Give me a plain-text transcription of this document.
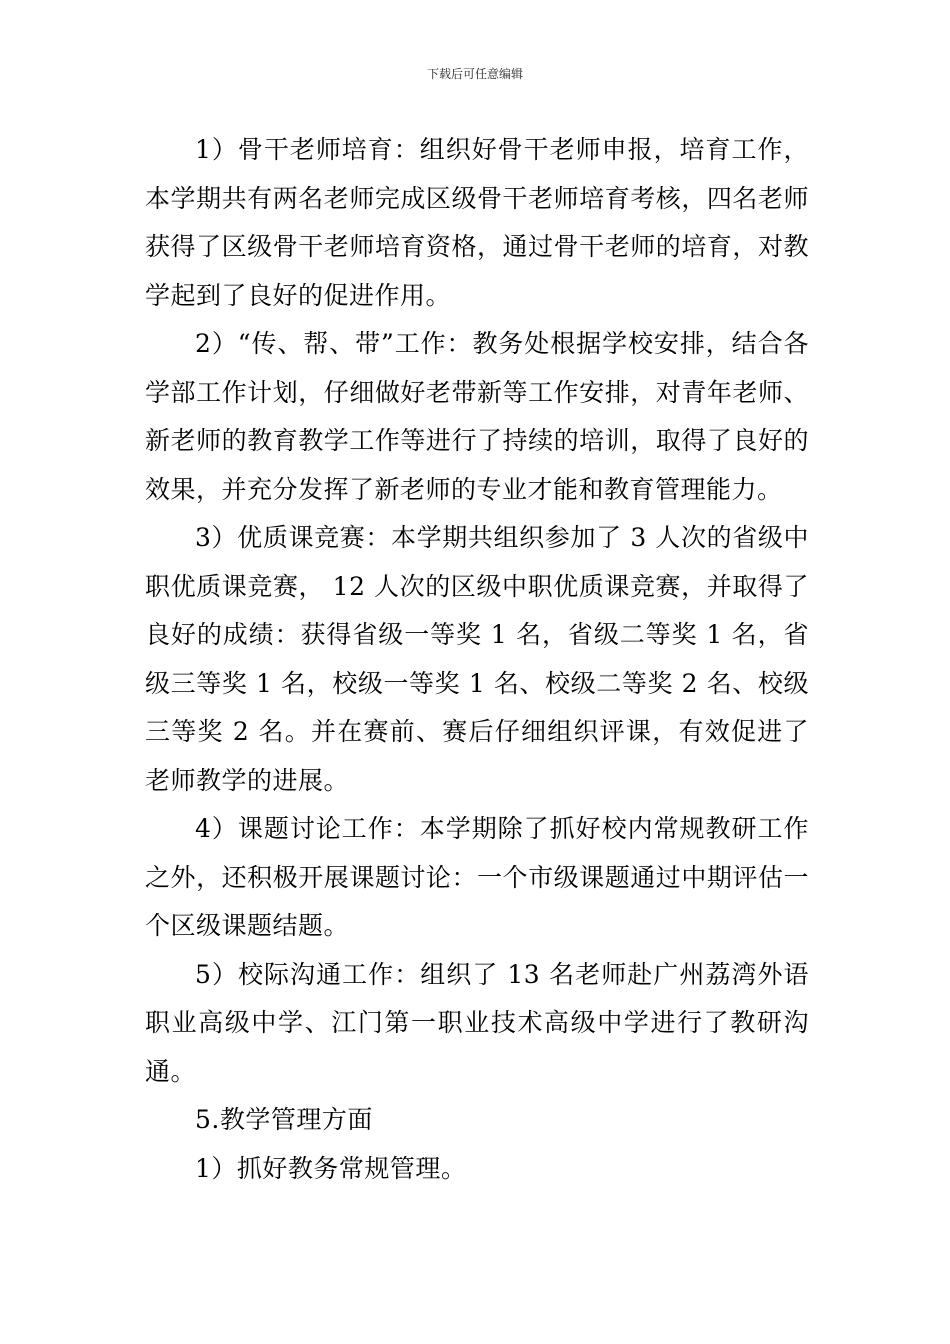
下载后可任意编辑

1）骨干老师培育：组织好骨干老师申报，培育工作，本学期共有两名老师完成区级骨干老师培育考核，四名老师获得了区级骨干老师培育资格，通过骨干老师的培育，对教学起到了良好的促进作用。

2）“传、帮、带”工作：教务处根据学校安排，结合各学部工作计划，仔细做好老带新等工作安排，对青年老师、新老师的教育教学工作等进行了持续的培训，取得了良好的效果，并充分发挥了新老师的专业才能和教育管理能力。

3）优质课竞赛：本学期共组织参加了 3 人次的省级中职优质课竞赛， 12 人次的区级中职优质课竞赛，并取得了良好的成绩：获得省级一等奖 1 名，省级二等奖 1 名，省级三等奖 1 名，校级一等奖 1 名、校级二等奖 2 名、校级三等奖 2 名。并在赛前、赛后仔细组织评课，有效促进了老师教学的进展。

4）课题讨论工作：本学期除了抓好校内常规教研工作之外，还积极开展课题讨论：一个市级课题通过中期评估一个区级课题结题。

5）校际沟通工作：组织了 13 名老师赴广州荔湾外语职业高级中学、江门第一职业技术高级中学进行了教研沟通。

5.教学管理方面

1）抓好教务常规管理。
